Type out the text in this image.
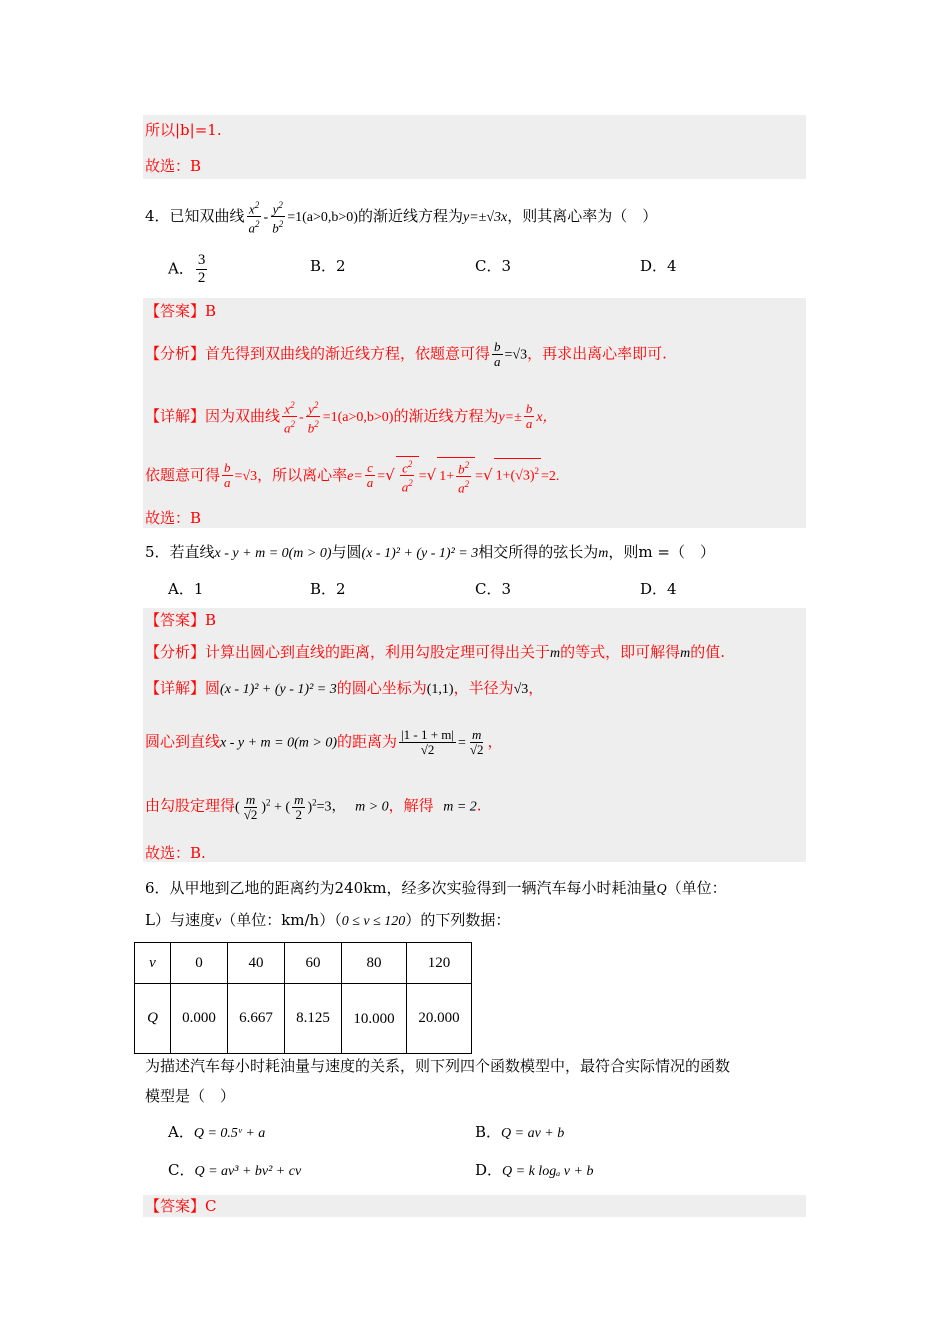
所以|b|=1.
故选：B
4．已知双曲线 $\frac{x^2}{a^2} - \frac{y^2}{b^2} =1(a>0,b>0)$的渐近线方程为y=±√3x，则其离心率为（　）
A． $\frac{3}{2}$	B．2	C．3	D．4
【答案】B
【分析】首先得到双曲线的渐近线方程，依题意可得 $\frac{b}{a} =√3$，再求出离心率即可.
【详解】因为双曲线 $\frac{x^2}{a^2} - \frac{y^2}{b^2} =1(a>0,b>0)$的渐近线方程为$y=\pm \frac{b}{a}$ x，
依题意可得 $\frac{b}{a} =√3$，所以离心率$e= \frac{c}{a}$ =√ $\frac{c^2}{a^2}$ =√ $1+ \frac{b^2}{a^2}$ =√ $1+(√3)^2 =2$.
故选：B
5．若直线x - y + m = 0(m > 0)与圆(x - 1)² + (y - 1)² = 3相交所得的弦长为m，则m =（　）
A．1	B．2	C．3	D．4
【答案】B
【分析】计算出圆心到直线的距离，利用勾股定理可得出关于m的等式，即可解得m的值.
【详解】圆(x - 1)² + (y - 1)² = 3的圆心坐标为(1,1)，半径为√3，
圆心到直线x - y + m = 0(m > 0)的距离为 $\frac{|1 - 1 + m|}{√2} = \frac{m}{√2}$ ，
由勾股定理得( $\frac{m}{√2} )^2$ + ( $\frac{m}{2} )^2=3$， m > 0，解得 m = 2.
故选：B.
6．从甲地到乙地的距离约为240km，经多次实验得到一辆汽车每小时耗油量Q（单位：
L）与速度v（单位：km/h）（0 ≤ v ≤ 120）的下列数据：
v	0	40	60	80	120
Q	0.000	6.667	8.125	10.000	20.000
为描述汽车每小时耗油量与速度的关系，则下列四个函数模型中，最符合实际情况的函数
模型是（　）
A．Q = 0.5ᵛ + a	B．Q = av + b
C．Q = av³ + bv² + cv	D．Q = k logₐ v + b
【答案】C
